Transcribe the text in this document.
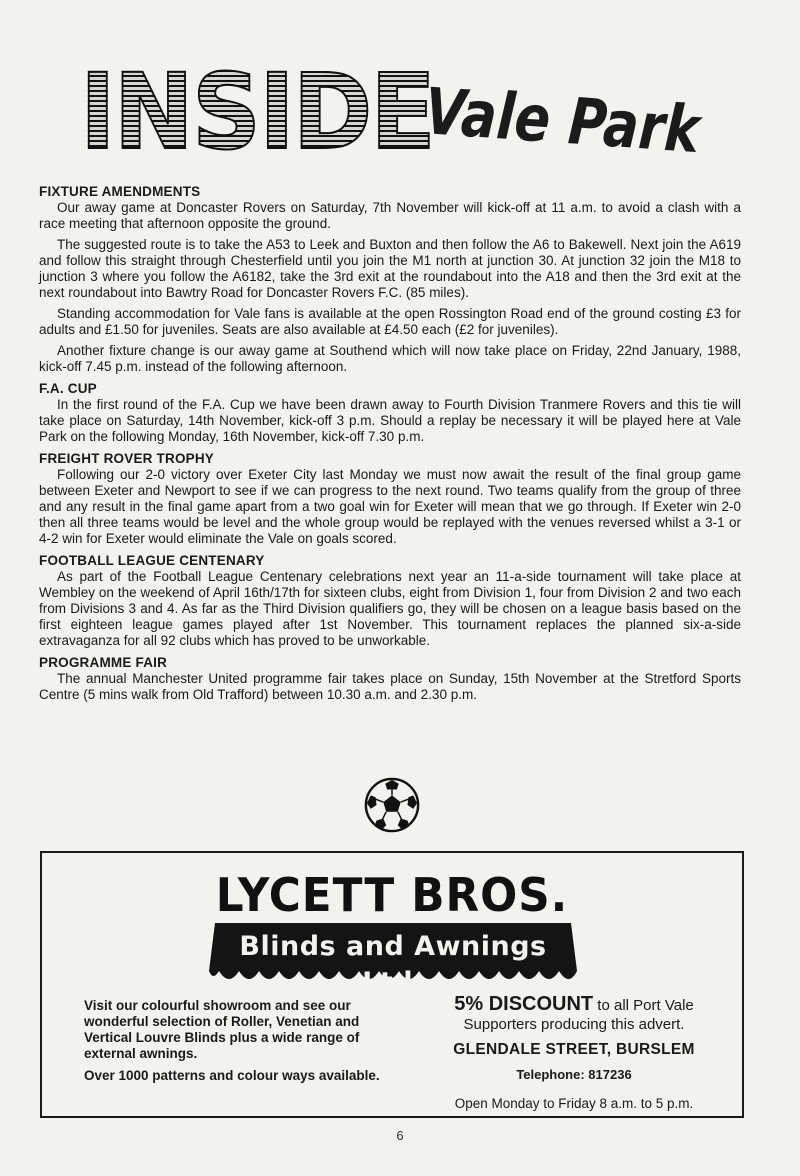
INSIDE
Vale Park

FIXTURE AMENDMENTS

Our away game at Doncaster Rovers on Saturday, 7th November will kick-off at 11 a.m. to avoid a clash with a race meeting that afternoon opposite the ground.

The suggested route is to take the A53 to Leek and Buxton and then follow the A6 to Bakewell. Next join the A619 and follow this straight through Chesterfield until you join the M1 north at junction 30. At junction 32 join the M18 to junction 3 where you follow the A6182, take the 3rd exit at the roundabout into the A18 and then the 3rd exit at the next roundabout into Bawtry Road for Doncaster Rovers F.C. (85 miles).

Standing accommodation for Vale fans is available at the open Rossington Road end of the ground costing £3 for adults and £1.50 for juveniles. Seats are also available at £4.50 each (£2 for juveniles).

Another fixture change is our away game at Southend which will now take place on Friday, 22nd January, 1988, kick-off 7.45 p.m. instead of the following afternoon.

F.A. CUP

In the first round of the F.A. Cup we have been drawn away to Fourth Division Tranmere Rovers and this tie will take place on Saturday, 14th November, kick-off 3 p.m. Should a replay be necessary it will be played here at Vale Park on the following Monday, 16th November, kick-off 7.30 p.m.

FREIGHT ROVER TROPHY

Following our 2-0 victory over Exeter City last Monday we must now await the result of the final group game between Exeter and Newport to see if we can progress to the next round. Two teams qualify from the group of three and any result in the final game apart from a two goal win for Exeter will mean that we go through. If Exeter win 2-0 then all three teams would be level and the whole group would be replayed with the venues reversed whilst a 3-1 or 4-2 win for Exeter would eliminate the Vale on goals scored.

FOOTBALL LEAGUE CENTENARY

As part of the Football League Centenary celebrations next year an 11-a-side tournament will take place at Wembley on the weekend of April 16th/17th for sixteen clubs, eight from Division 1, four from Division 2 and two each from Divisions 3 and 4. As far as the Third Division qualifiers go, they will be chosen on a league basis based on the first eighteen league games played after 1st November. This tournament replaces the planned six-a-side extravaganza for all 92 clubs which has proved to be unworkable.

PROGRAMME FAIR

The annual Manchester United programme fair takes place on Sunday, 15th November at the Stretford Sports Centre (5 mins walk from Old Trafford) between 10.30 a.m. and 2.30 p.m.

LYCETT BROS.
Blinds and Awnings Ltd.

Visit our colourful showroom and see our wonderful selection of Roller, Venetian and Vertical Louvre Blinds plus a wide range of external awnings.

Over 1000 patterns and colour ways available.

5% DISCOUNT to all Port Vale

Supporters producing this advert.

GLENDALE STREET, BURSLEM

Telephone: 817236

Open Monday to Friday 8 a.m. to 5 p.m.

6
